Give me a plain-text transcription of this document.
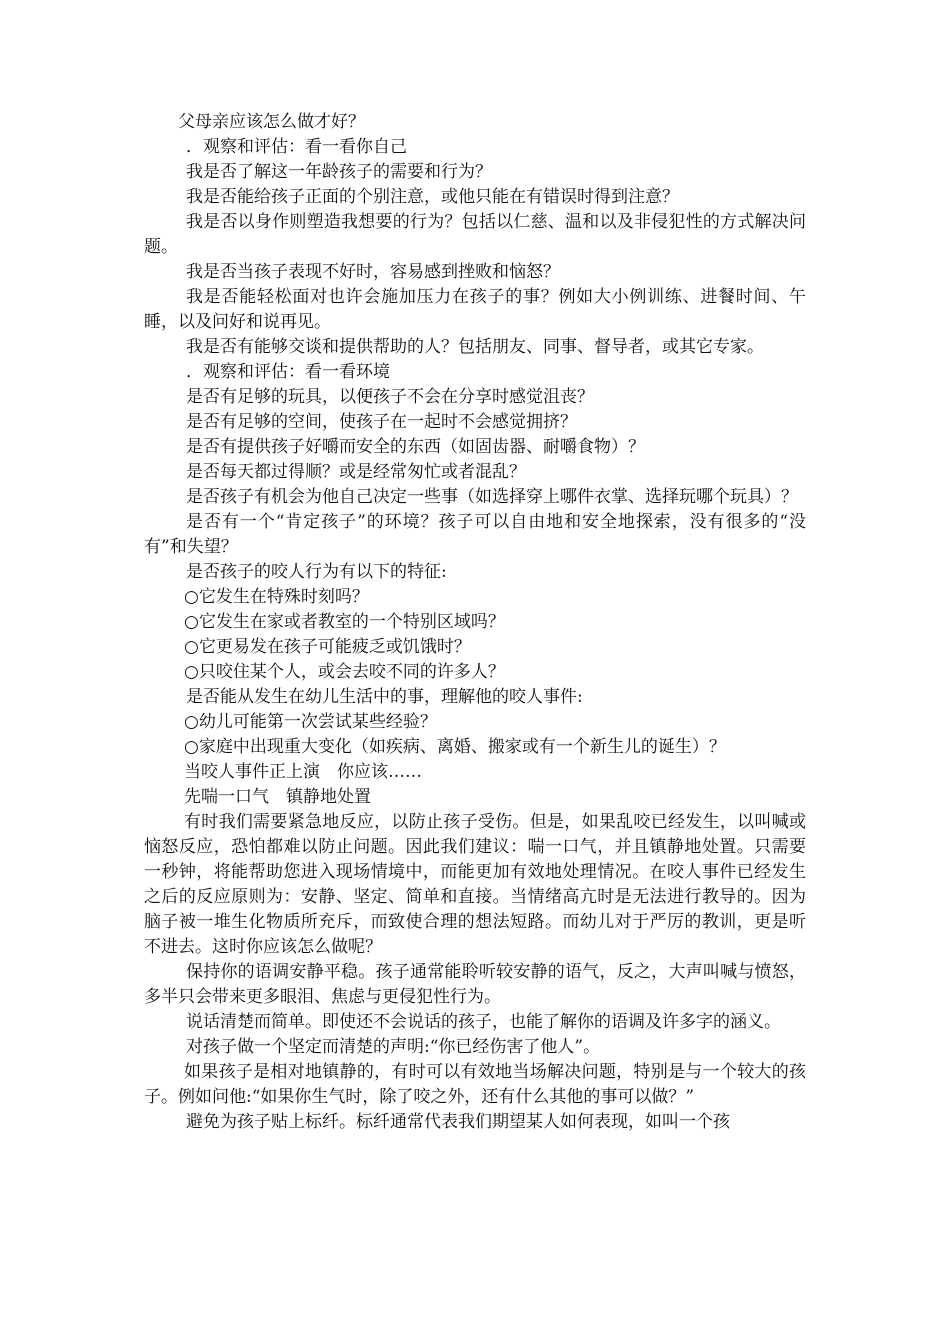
父母亲应该怎么做才好？

．观察和评估：看一看你自己

我是否了解这一年龄孩子的需要和行为？

我是否能给孩子正面的个别注意，或他只能在有错误时得到注意？

我是否以身作则塑造我想要的行为？包括以仁慈、温和以及非侵犯性的方式解决问题。

我是否当孩子表现不好时，容易感到挫败和恼怒？

我是否能轻松面对也许会施加压力在孩子的事？例如大小例训练、进餐时间、午睡，以及问好和说再见。

我是否有能够交谈和提供帮助的人？包括朋友、同事、督导者，或其它专家。

．观察和评估：看一看环境

是否有足够的玩具，以便孩子不会在分享时感觉沮丧？

是否有足够的空间，使孩子在一起时不会感觉拥挤？

是否有提供孩子好嚼而安全的东西（如固齿器、耐嚼食物）？

是否每天都过得顺？或是经常匆忙或者混乱？

是否孩子有机会为他自己决定一些事（如选择穿上哪件衣掌、选择玩哪个玩具）？

是否有一个“肯定孩子”的环境？孩子可以自由地和安全地探索，没有很多的“没有”和失望？

是否孩子的咬人行为有以下的特征:

○它发生在特殊时刻吗？

○它发生在家或者教室的一个特别区域吗？

○它更易发在孩子可能疲乏或饥饿时？

○只咬住某个人，或会去咬不同的许多人？

是否能从发生在幼儿生活中的事，理解他的咬人事件:

○幼儿可能第一次尝试某些经验？

○家庭中出现重大变化（如疾病、离婚、搬家或有一个新生儿的诞生）？

当咬人事件正上演　你应该……

先喘一口气　镇静地处置

有时我们需要紧急地反应，以防止孩子受伤。但是，如果乱咬已经发生，以叫喊或恼怒反应，恐怕都难以防止问题。因此我们建议：喘一口气，并且镇静地处置。只需要一秒钟，将能帮助您进入现场情境中，而能更加有效地处理情况。在咬人事件已经发生之后的反应原则为：安静、坚定、简单和直接。当情绪高亢时是无法进行教导的。因为脑子被一堆生化物质所充斥，而致使合理的想法短路。而幼儿对于严厉的教训，更是听不进去。这时你应该怎么做呢？

保持你的语调安静平稳。孩子通常能聆听较安静的语气，反之，大声叫喊与愤怒，多半只会带来更多眼泪、焦虑与更侵犯性行为。

说话清楚而简单。即使还不会说话的孩子，也能了解你的语调及许多字的涵义。

对孩子做一个坚定而清楚的声明:“你已经伤害了他人”。

如果孩子是相对地镇静的，有时可以有效地当场解决问题，特别是与一个较大的孩子。例如问他:“如果你生气时，除了咬之外，还有什么其他的事可以做？”

避免为孩子贴上标纤。标纤通常代表我们期望某人如何表现，如叫一个孩
